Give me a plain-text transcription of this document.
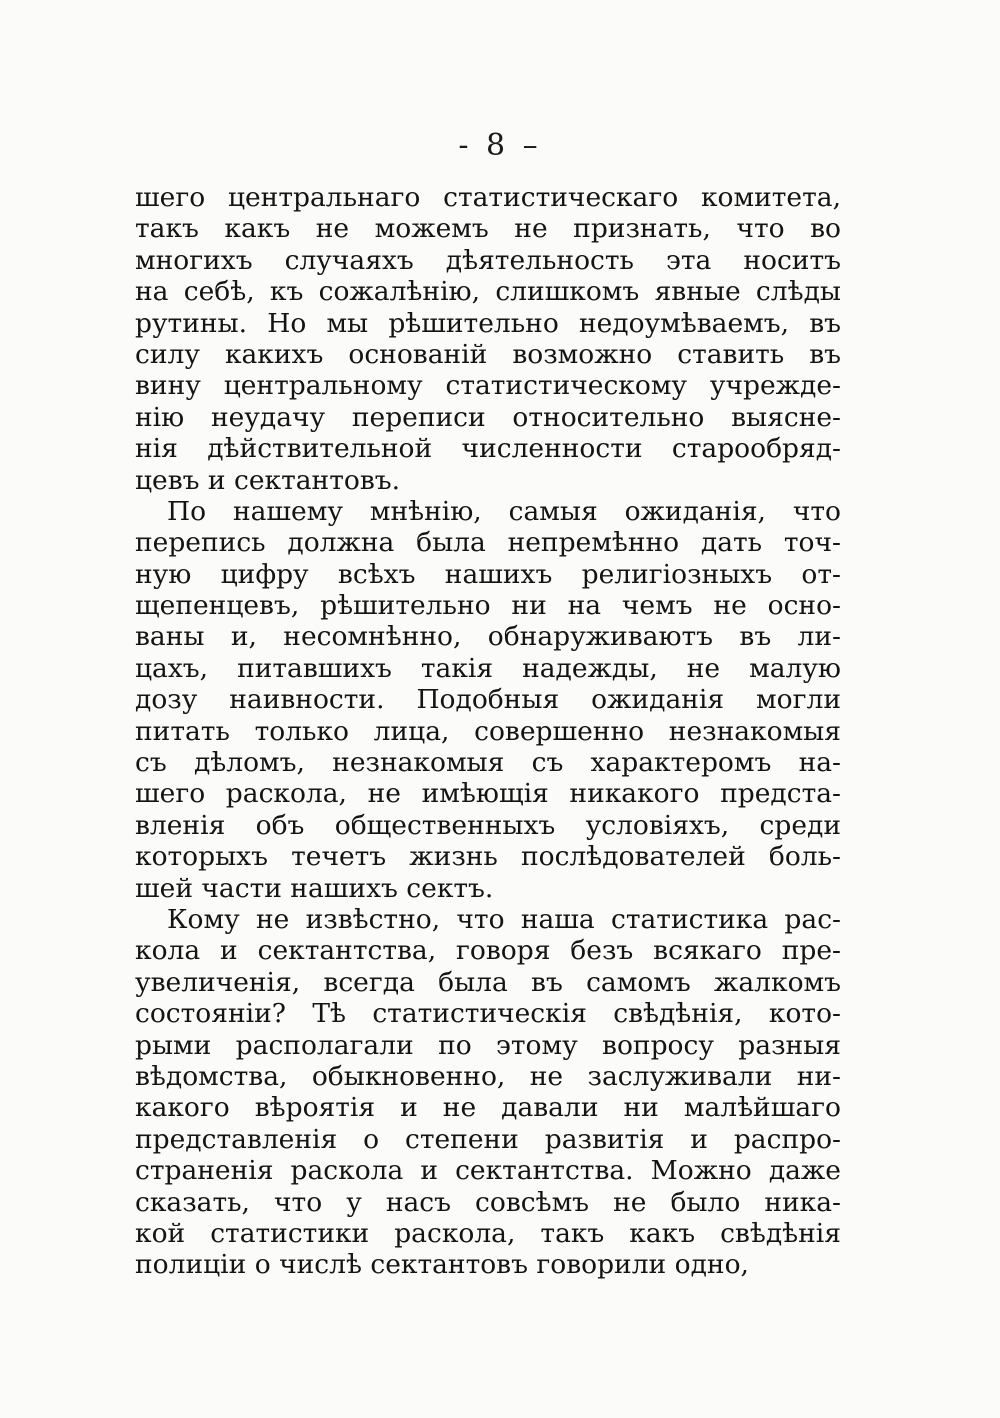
- 8 –
шего центральнаго статистическаго комитета,
такъ какъ не можемъ не признать, что во
многихъ случаяхъ дѣятельность эта носитъ
на себѣ, къ сожалѣнію, слишкомъ явные слѣды
рутины. Но мы рѣшительно недоумѣваемъ, въ
силу какихъ основаній возможно ставить въ
вину центральному статистическому учрежде-
нію неудачу переписи относительно выясне-
нія дѣйствительной численности старообряд-
цевъ и сектантовъ.
По нашему мнѣнію, самыя ожиданія, что
перепись должна была непремѣнно дать точ-
ную цифру всѣхъ нашихъ религіозныхъ от-
щепенцевъ, рѣшительно ни на чемъ не осно-
ваны и, несомнѣнно, обнаруживаютъ въ ли-
цахъ, питавшихъ такія надежды, не малую
дозу наивности. Подобныя ожиданія могли
питать только лица, совершенно незнакомыя
съ дѣломъ, незнакомыя съ характеромъ на-
шего раскола, не имѣющія никакого предста-
вленія объ общественныхъ условіяхъ, среди
которыхъ течетъ жизнь послѣдователей боль-
шей части нашихъ сектъ.
Кому не извѣстно, что наша статистика рас-
кола и сектантства, говоря безъ всякаго пре-
увеличенія, всегда была въ самомъ жалкомъ
состояніи? Тѣ статистическія свѣдѣнія, кото-
рыми располагали по этому вопросу разныя
вѣдомства, обыкновенно, не заслуживали ни-
какого вѣроятія и не давали ни малѣйшаго
представленія о степени развитія и распро-
страненія раскола и сектантства. Можно даже
сказать, что у насъ совсѣмъ не было ника-
кой статистики раскола, такъ какъ свѣдѣнія
полиціи о числѣ сектантовъ говорили одно,
